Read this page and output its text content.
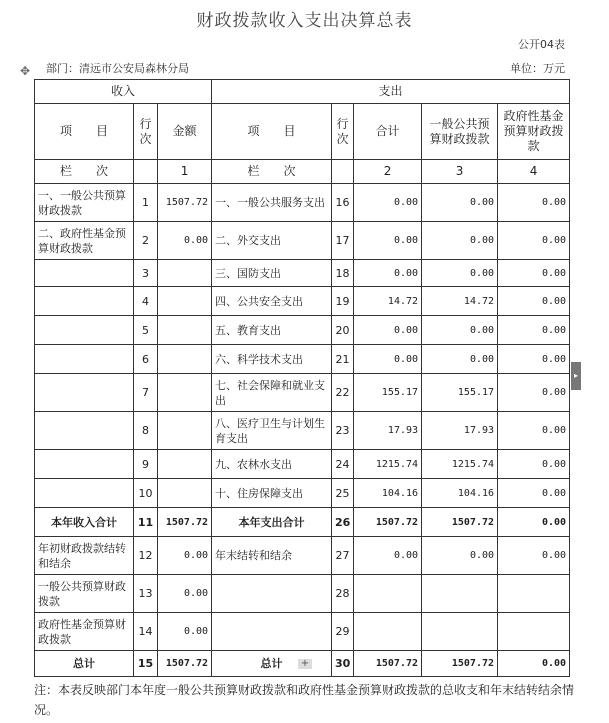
财政拨款收入支出决算总表
公开04表
✥ 部门：清远市公安局森林分局	单位：万元
收入			支出				
项　　目	行次	金额	项　　目	行次	合计	一般公共预算财政拨款	政府性基金预算财政拨款
栏　　次		1	栏　　次		2	3	4
一、一般公共预算财政拨款	1	1507.72	一、一般公共服务支出	16	0.00	0.00	0.00
二、政府性基金预算财政拨款	2	0.00	二、外交支出	17	0.00	0.00	0.00
	3		三、国防支出	18	0.00	0.00	0.00
	4		四、公共安全支出	19	14.72	14.72	0.00
	5		五、教育支出	20	0.00	0.00	0.00
	6		六、科学技术支出	21	0.00	0.00	0.00
	7		七、社会保障和就业支出	22	155.17	155.17	0.00
	8		八、医疗卫生与计划生育支出	23	17.93	17.93	0.00
	9		九、农林水支出	24	1215.74	1215.74	0.00
	10		十、住房保障支出	25	104.16	104.16	0.00
本年收入合计	11	1507.72	本年支出合计	26	1507.72	1507.72	0.00
年初财政拨款结转和结余	12	0.00	年末结转和结余	27	0.00	0.00	0.00
一般公共预算财政拨款	13	0.00		28			
政府性基金预算财政拨款	14	0.00		29			
总计	15	1507.72	总计	30	1507.72	1507.72	0.00
▸
+
注：本表反映部门本年度一般公共预算财政拨款和政府性基金预算财政拨款的总收支和年末结转结余情况。
